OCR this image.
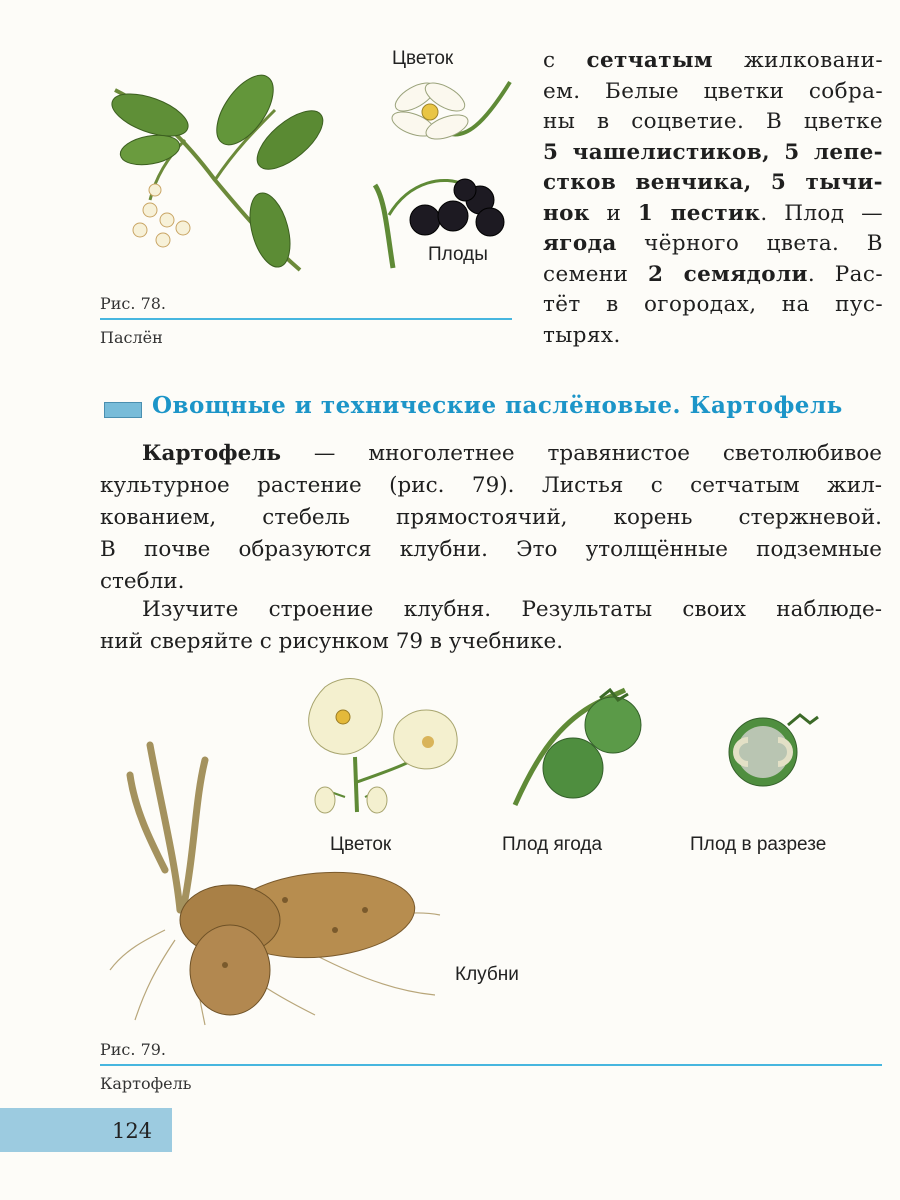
Цветок
Плоды
Рис. 78.
Паслён
с сетчатым жилковани-
ем. Белые цветки собра-
ны в соцветие. В цветке
5 чашелистиков, 5 лепе-
стков венчика, 5 тычи-
нок и 1 пестик. Плод —
ягода чёрного цвета. В
семени 2 семядоли. Рас-
тёт в огородах, на пус-
тырях.
Овощные и технические паслёновые. Картофель
Картофель — многолетнее травянистое светолюбивое
культурное растение (рис. 79). Листья с сетчатым жил-
кованием, стебель прямостоячий, корень стержневой.
В почве образуются клубни. Это утолщённые подземные
стебли.
Изучите строение клубня. Результаты своих наблюде-
ний сверяйте с рисунком 79 в учебнике.
Цветок	Плод ягода	Плод в разрезе
Клубни
Рис. 79.
Картофель
124
